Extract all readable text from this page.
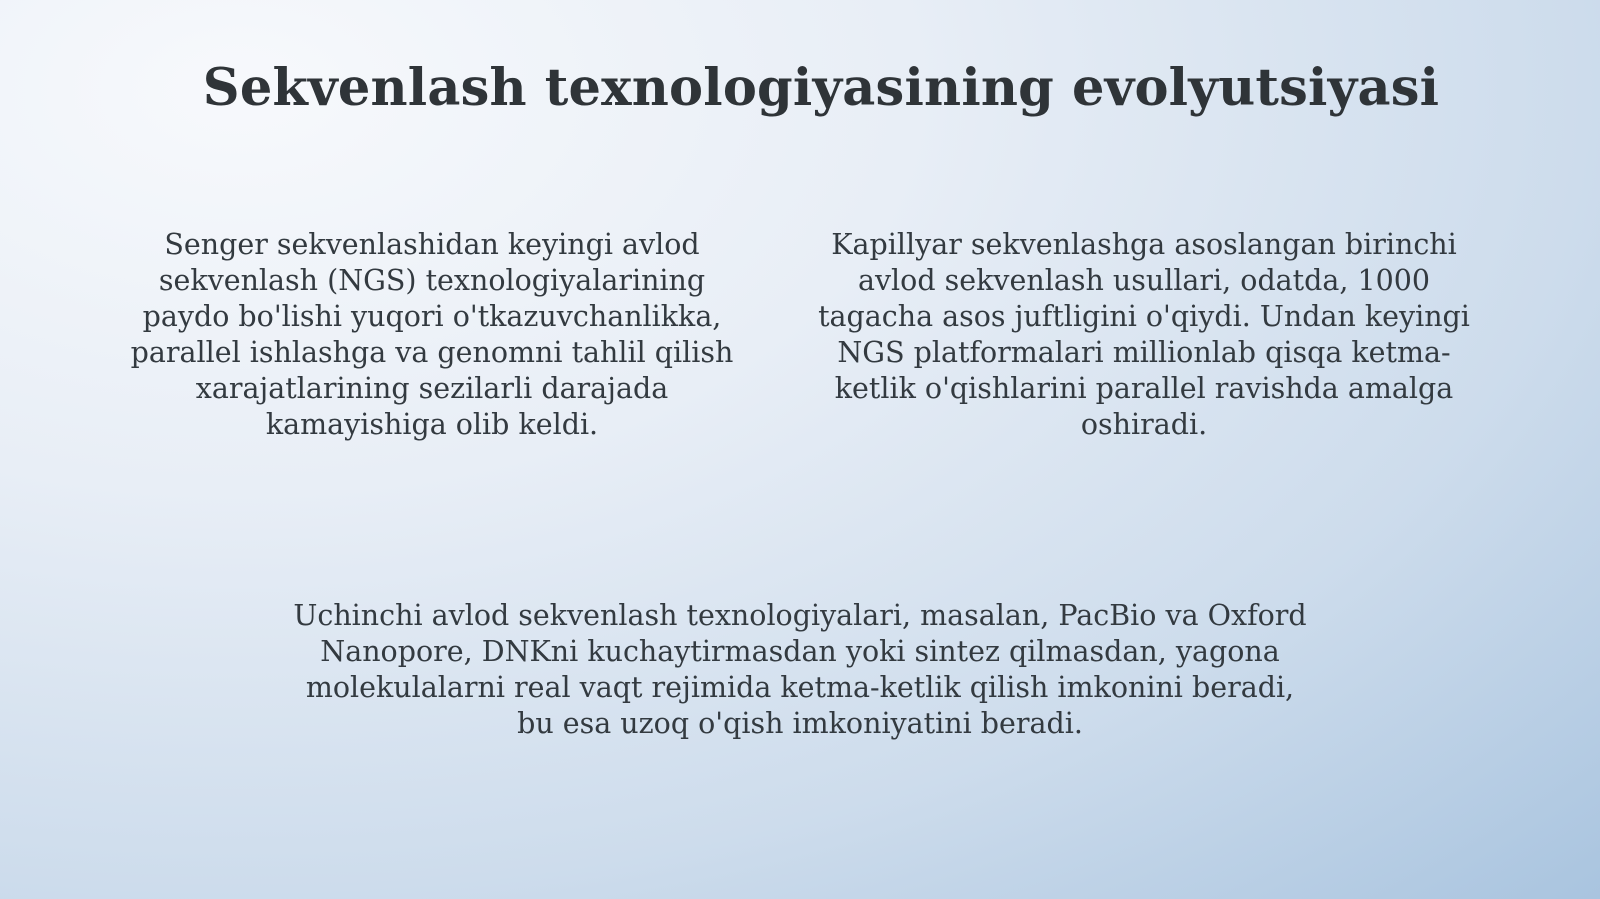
Sekvenlash texnologiyasining evolyutsiyasi
Senger sekvenlashidan keyingi avlod sekvenlash (NGS) texnologiyalarining paydo bo'lishi yuqori o'tkazuvchanlikka, parallel ishlashga va genomni tahlil qilish xarajatlarining sezilarli darajada kamayishiga olib keldi.
Kapillyar sekvenlashga asoslangan birinchi avlod sekvenlash usullari, odatda, 1000 tagacha asos juftligini o'qiydi. Undan keyingi NGS platformalari millionlab qisqa ketma-ketlik o'qishlarini parallel ravishda amalga oshiradi.
Uchinchi avlod sekvenlash texnologiyalari, masalan, PacBio va Oxford Nanopore, DNKni kuchaytirmasdan yoki sintez qilmasdan, yagona molekulalarni real vaqt rejimida ketma-ketlik qilish imkonini beradi, bu esa uzoq o'qish imkoniyatini beradi.
